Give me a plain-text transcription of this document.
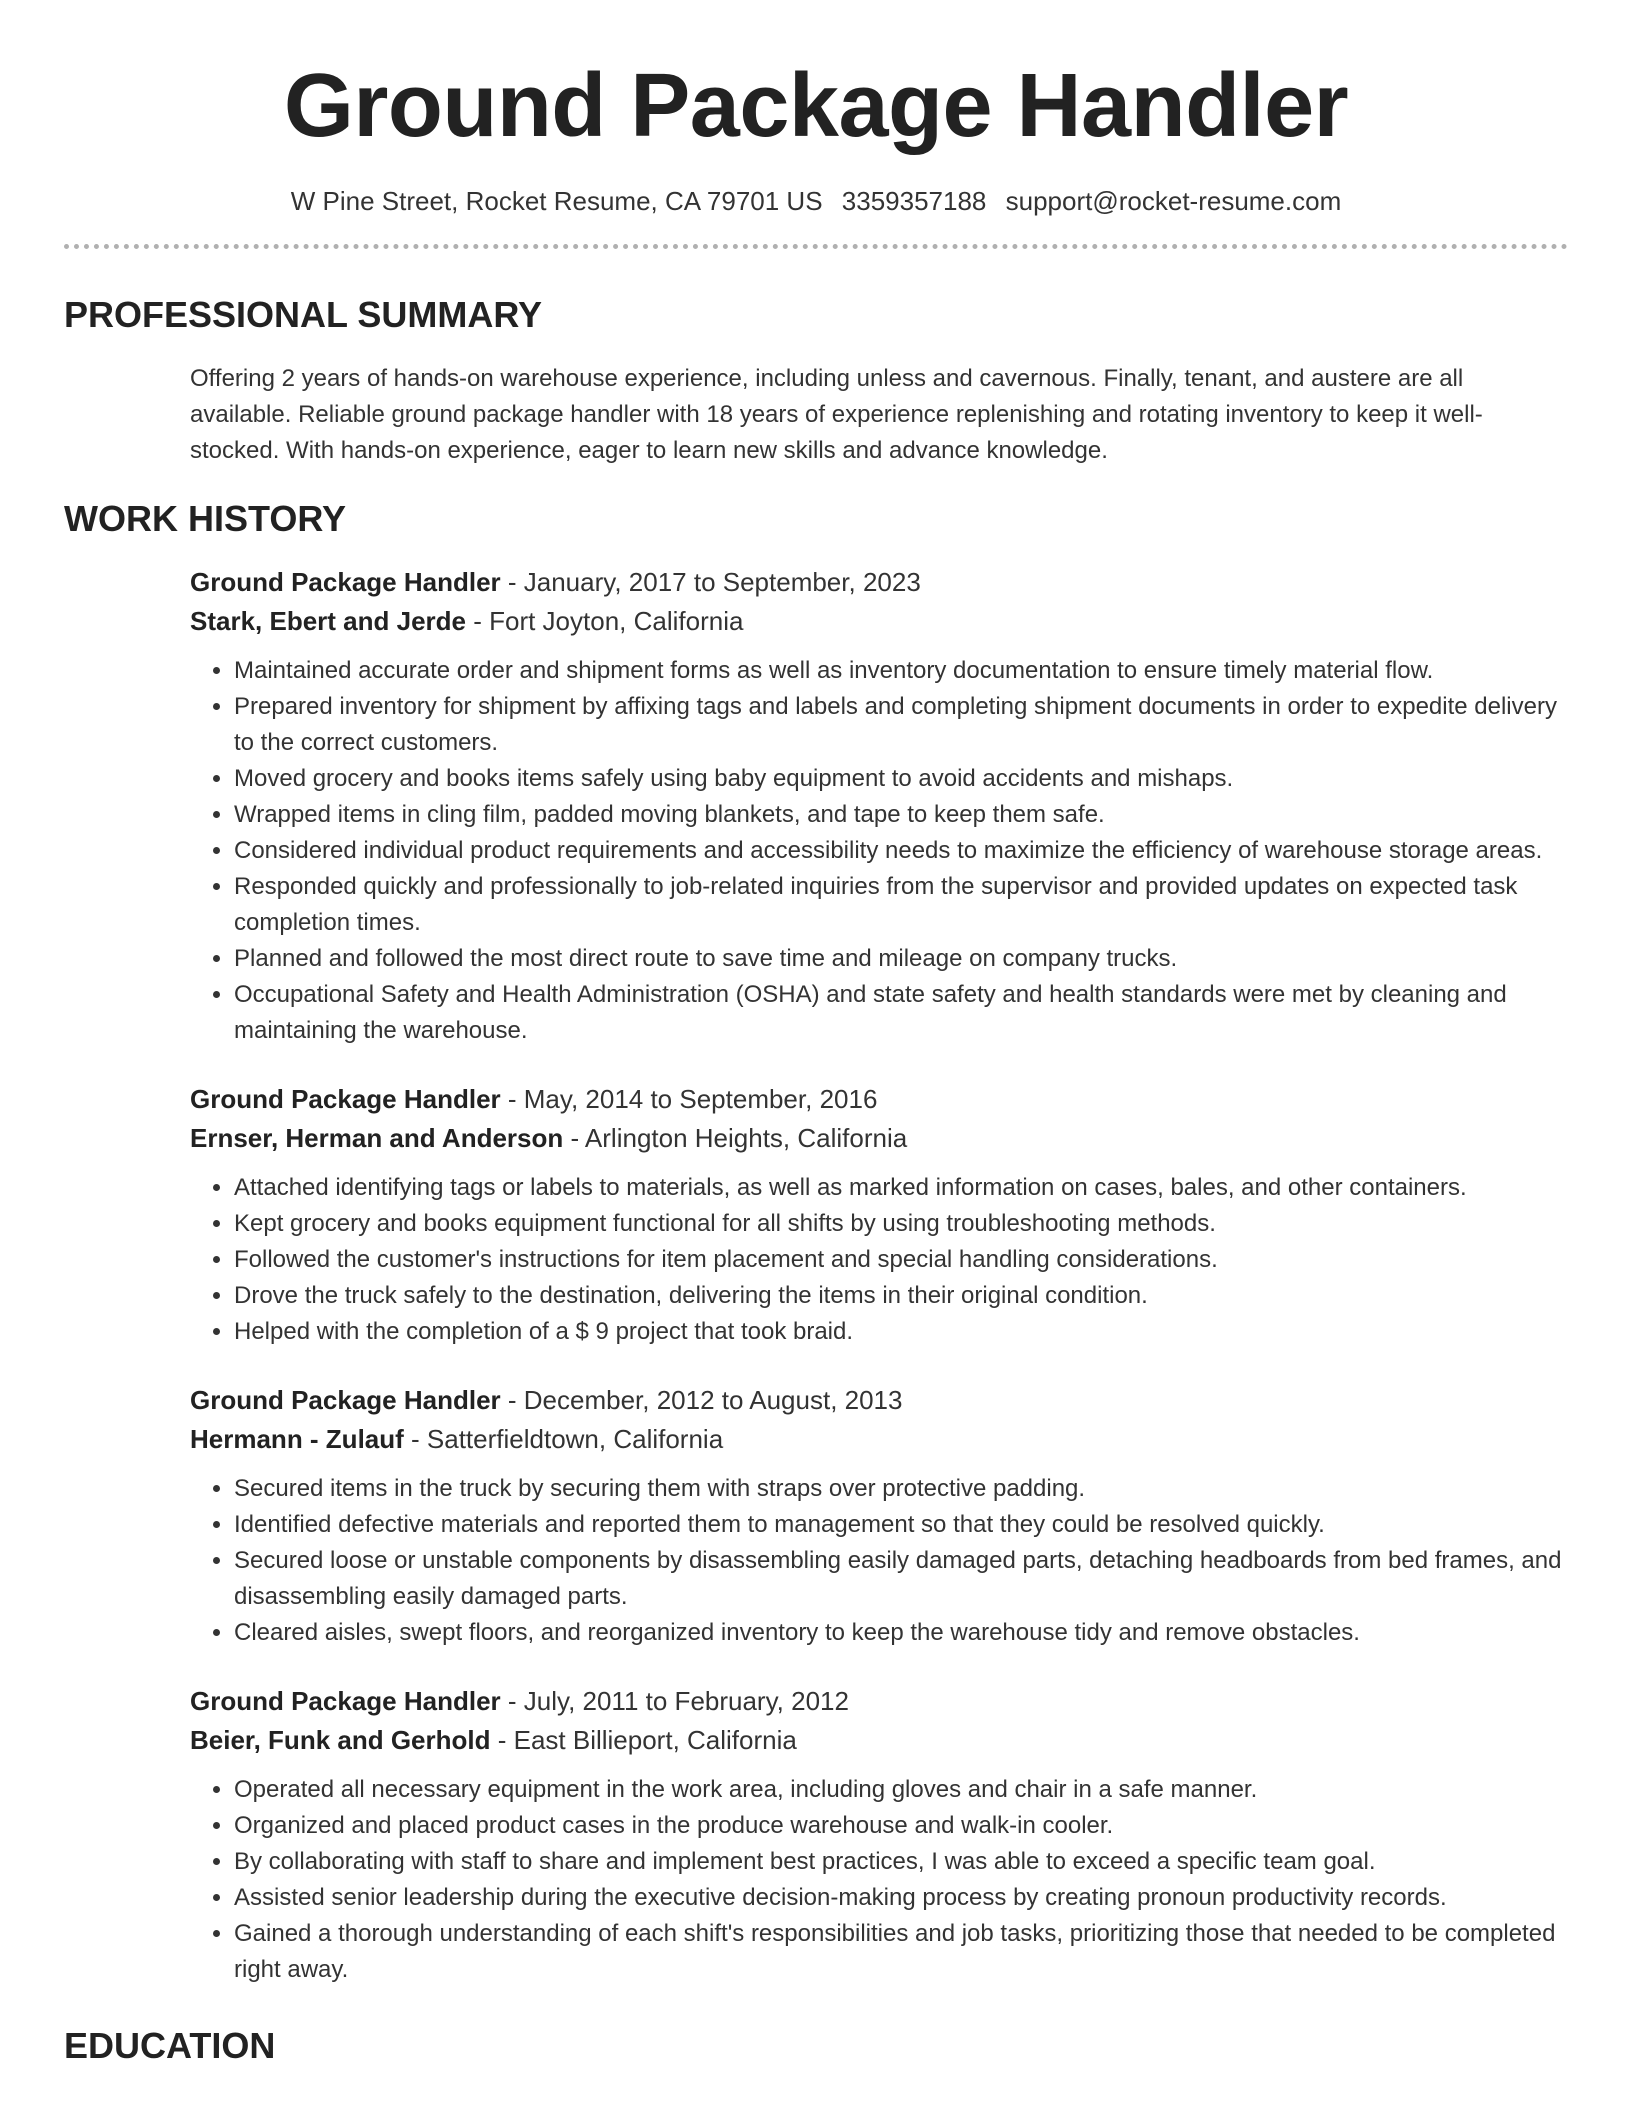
Ground Package Handler
W Pine Street, Rocket Resume, CA 79701 US 3359357188 support@rocket-resume.com
PROFESSIONAL SUMMARY

Offering 2 years of hands-on warehouse experience, including unless and cavernous. Finally, tenant, and austere are all available. Reliable ground package handler with 18 years of experience replenishing and rotating inventory to keep it well-stocked. With hands-on experience, eager to learn new skills and advance knowledge.

WORK HISTORY
Ground Package Handler - January, 2017 to September, 2023
Stark, Ebert and Jerde - Fort Joyton, California
• Maintained accurate order and shipment forms as well as inventory documentation to ensure timely material flow.
• Prepared inventory for shipment by affixing tags and labels and completing shipment documents in order to expedite delivery to the correct customers.
• Moved grocery and books items safely using baby equipment to avoid accidents and mishaps.
• Wrapped items in cling film, padded moving blankets, and tape to keep them safe.
• Considered individual product requirements and accessibility needs to maximize the efficiency of warehouse storage areas.
• Responded quickly and professionally to job-related inquiries from the supervisor and provided updates on expected task completion times.
• Planned and followed the most direct route to save time and mileage on company trucks.
• Occupational Safety and Health Administration (OSHA) and state safety and health standards were met by cleaning and maintaining the warehouse.
Ground Package Handler - May, 2014 to September, 2016
Ernser, Herman and Anderson - Arlington Heights, California
• Attached identifying tags or labels to materials, as well as marked information on cases, bales, and other containers.
• Kept grocery and books equipment functional for all shifts by using troubleshooting methods.
• Followed the customer's instructions for item placement and special handling considerations.
• Drove the truck safely to the destination, delivering the items in their original condition.
• Helped with the completion of a $ 9 project that took braid.
Ground Package Handler - December, 2012 to August, 2013
Hermann - Zulauf - Satterfieldtown, California
• Secured items in the truck by securing them with straps over protective padding.
• Identified defective materials and reported them to management so that they could be resolved quickly.
• Secured loose or unstable components by disassembling easily damaged parts, detaching headboards from bed frames, and disassembling easily damaged parts.
• Cleared aisles, swept floors, and reorganized inventory to keep the warehouse tidy and remove obstacles.
Ground Package Handler - July, 2011 to February, 2012
Beier, Funk and Gerhold - East Billieport, California
• Operated all necessary equipment in the work area, including gloves and chair in a safe manner.
• Organized and placed product cases in the produce warehouse and walk-in cooler.
• By collaborating with staff to share and implement best practices, I was able to exceed a specific team goal.
• Assisted senior leadership during the executive decision-making process by creating pronoun productivity records.
• Gained a thorough understanding of each shift's responsibilities and job tasks, prioritizing those that needed to be completed right away.
EDUCATION
